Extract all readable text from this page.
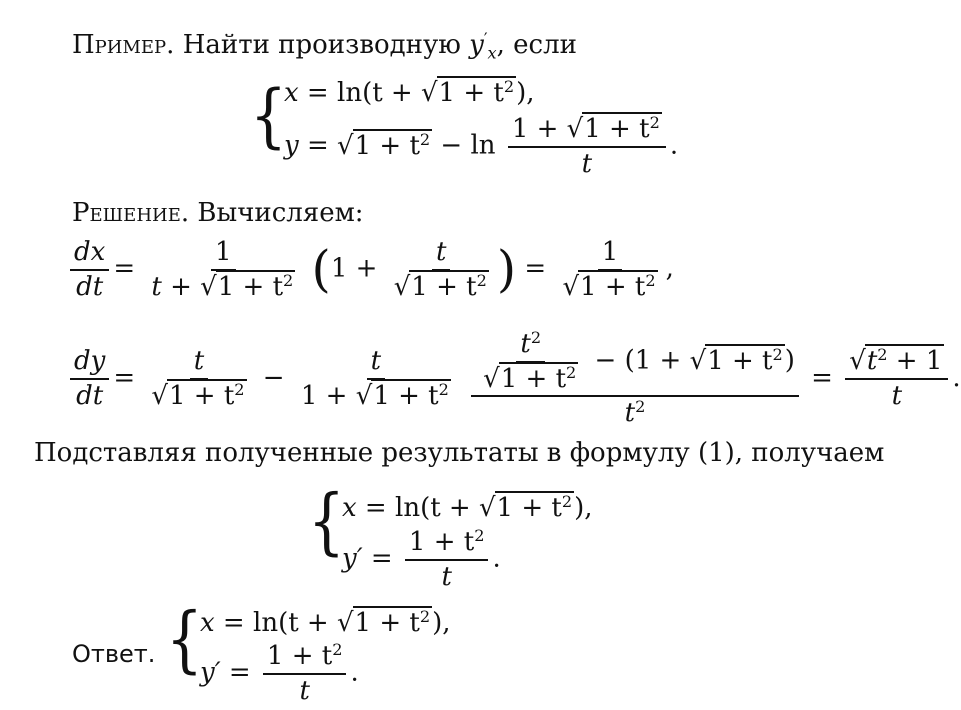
Пример. Найти производную $y'_x$, если
{
$x = \ln(t + √1 + t^2)$,
$y = √1 + t^2 - \ln \frac{1 + √1 + t^2}{t}$ .
Решение. Вычисляем:
$\frac{dx}{dt} = \frac{1}{t + √1 + t^2} (1 + \frac{t}{√1 + t^2}$ ) = $\frac{1}{√1 + t^2}$ ,
$\frac{dy}{dt} = \frac{t}{√1 + t^2} - \frac{t}{1 + √1 + t^2}$
$\frac{\frac{t^2}{√1 + t^2} - (1 + √1 + t^2)}{t^2} = \frac{√t^2 + 1}{t}$ .
Подставляя полученные результаты в формулу (1), получаем
{
$x = \ln(t + √1 + t^2)$,
$y' = \frac{1 + t^2}{t}$ .
Ответ. {
$x = \ln(t + √1 + t^2)$,
$y' = \frac{1 + t^2}{t}$ .
